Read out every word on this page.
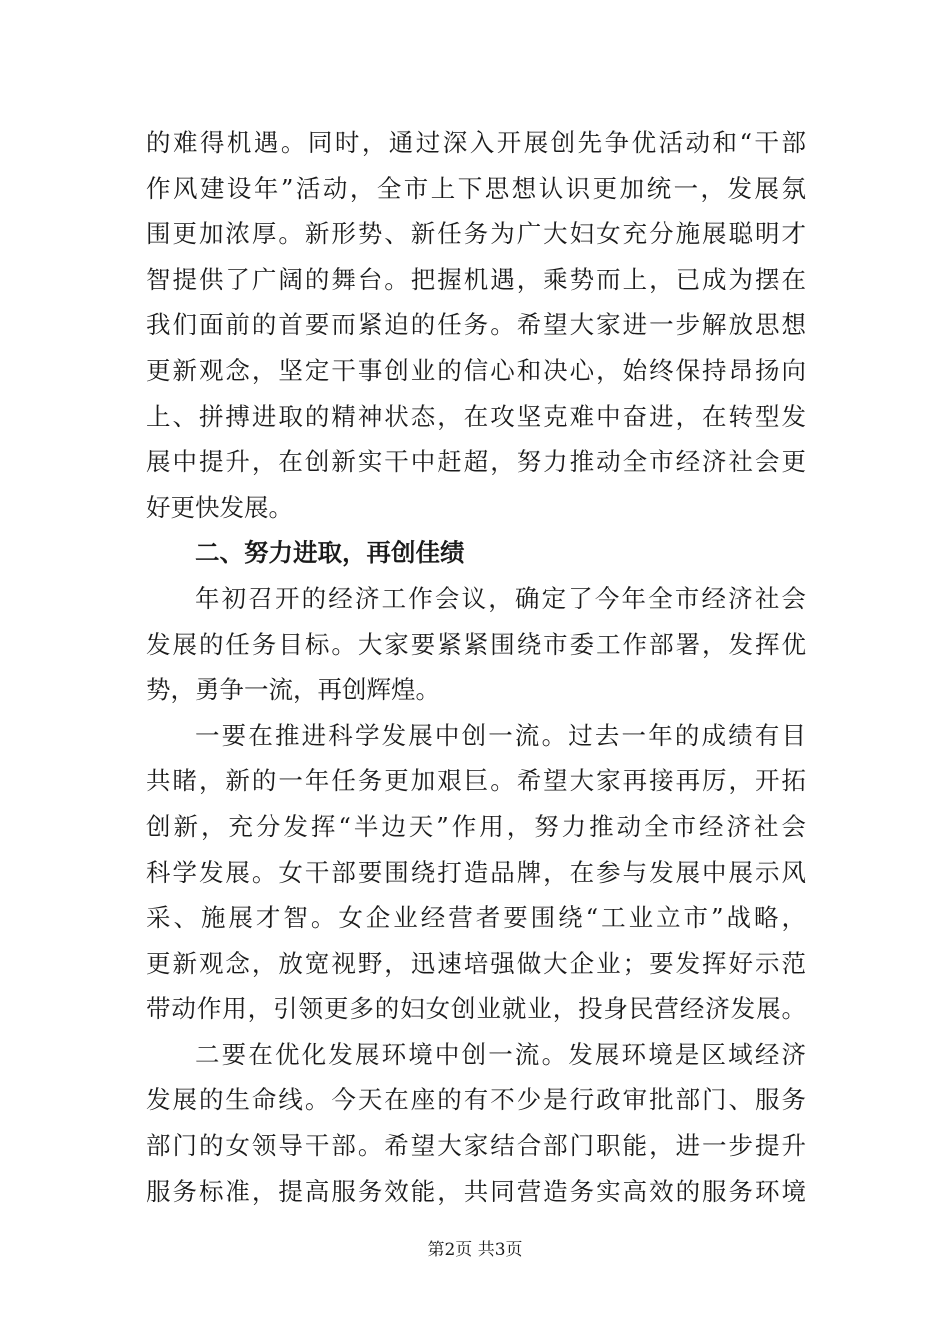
的难得机遇。同时，通过深入开展创先争优活动和“干部
作风建设年”活动，全市上下思想认识更加统一，发展氛
围更加浓厚。新形势、新任务为广大妇女充分施展聪明才
智提供了广阔的舞台。把握机遇，乘势而上，已成为摆在
我们面前的首要而紧迫的任务。希望大家进一步解放思想
更新观念，坚定干事创业的信心和决心，始终保持昂扬向
上、拼搏进取的精神状态，在攻坚克难中奋进，在转型发
展中提升，在创新实干中赶超，努力推动全市经济社会更
好更快发展。
二、努力进取，再创佳绩
年初召开的经济工作会议，确定了今年全市经济社会
发展的任务目标。大家要紧紧围绕市委工作部署，发挥优
势，勇争一流，再创辉煌。
一要在推进科学发展中创一流。过去一年的成绩有目
共睹，新的一年任务更加艰巨。希望大家再接再厉，开拓
创新，充分发挥“半边天”作用，努力推动全市经济社会
科学发展。女干部要围绕打造品牌，在参与发展中展示风
采、施展才智。女企业经营者要围绕“工业立市”战略，
更新观念，放宽视野，迅速培强做大企业；要发挥好示范
带动作用，引领更多的妇女创业就业，投身民营经济发展。
二要在优化发展环境中创一流。发展环境是区域经济
发展的生命线。今天在座的有不少是行政审批部门、服务
部门的女领导干部。希望大家结合部门职能，进一步提升
服务标准，提高服务效能，共同营造务实高效的服务环境
第2页 共3页
